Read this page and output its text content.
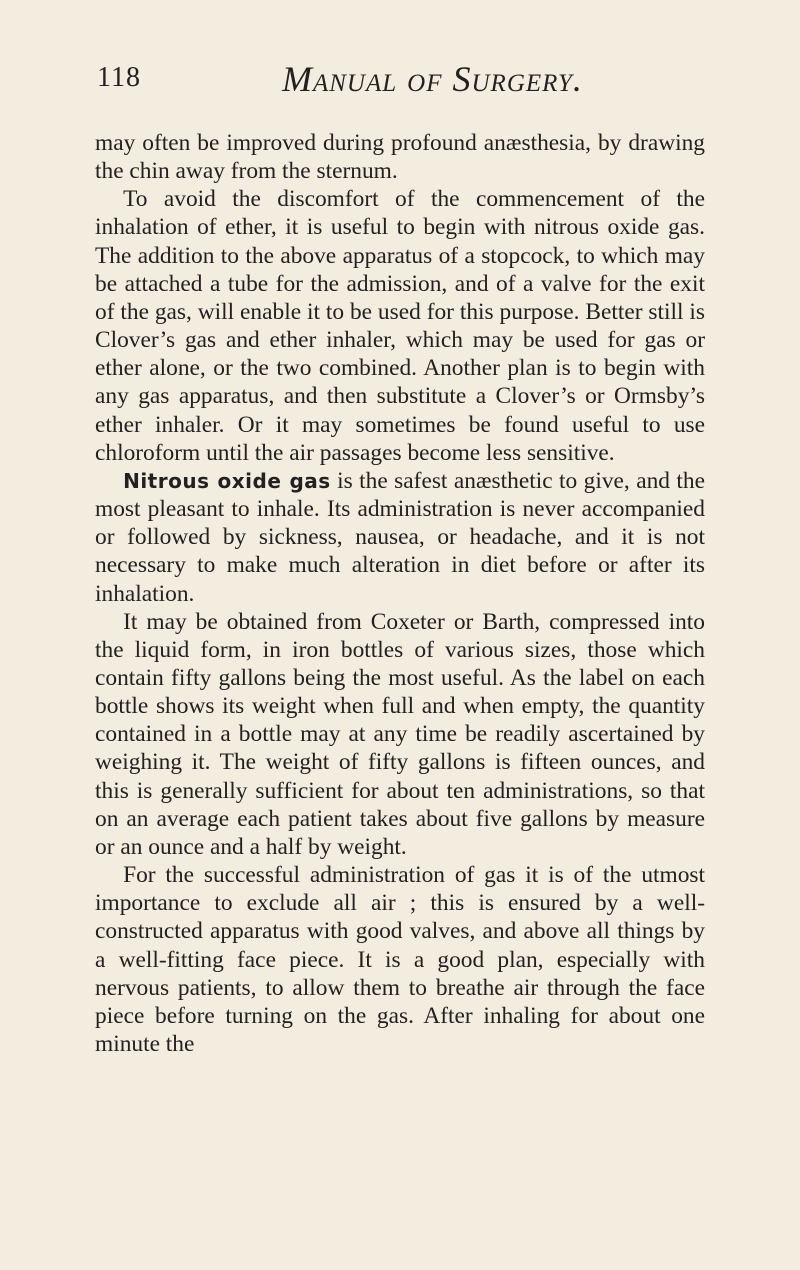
118	Manual of Surgery.

may often be improved during profound anæsthesia, by drawing the chin away from the sternum.

To avoid the discomfort of the commencement of the inhalation of ether, it is useful to begin with nitrous oxide gas. The addition to the above apparatus of a stopcock, to which may be attached a tube for the admission, and of a valve for the exit of the gas, will enable it to be used for this purpose. Better still is Clover’s gas and ether inhaler, which may be used for gas or ether alone, or the two combined. Another plan is to begin with any gas apparatus, and then substitute a Clover’s or Ormsby’s ether inhaler. Or it may sometimes be found useful to use chloroform until the air passages become less sensitive.

Nitrous oxide gas is the safest anæsthetic to give, and the most pleasant to inhale. Its administration is never accompanied or followed by sickness, nausea, or headache, and it is not necessary to make much alteration in diet before or after its inhalation.

It may be obtained from Coxeter or Barth, compressed into the liquid form, in iron bottles of various sizes, those which contain fifty gallons being the most useful. As the label on each bottle shows its weight when full and when empty, the quantity contained in a bottle may at any time be readily ascertained by weighing it. The weight of fifty gallons is fifteen ounces, and this is generally sufficient for about ten administrations, so that on an average each patient takes about five gallons by measure or an ounce and a half by weight.

For the successful administration of gas it is of the utmost importance to exclude all air ; this is ensured by a well-constructed apparatus with good valves, and above all things by a well-fitting face piece. It is a good plan, especially with nervous patients, to allow them to breathe air through the face piece before turning on the gas. After inhaling for about one minute the
